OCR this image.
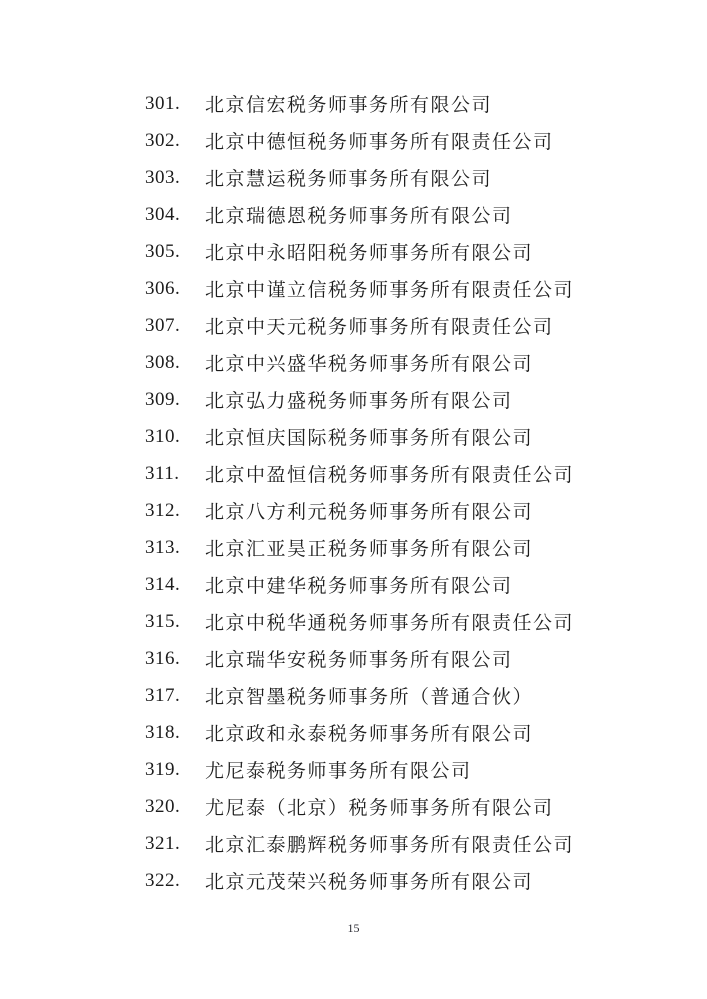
301.	北京信宏税务师事务所有限公司
302.	北京中德恒税务师事务所有限责任公司
303.	北京慧运税务师事务所有限公司
304.	北京瑞德恩税务师事务所有限公司
305.	北京中永昭阳税务师事务所有限公司
306.	北京中谨立信税务师事务所有限责任公司
307.	北京中天元税务师事务所有限责任公司
308.	北京中兴盛华税务师事务所有限公司
309.	北京弘力盛税务师事务所有限公司
310.	北京恒庆国际税务师事务所有限公司
311.	北京中盈恒信税务师事务所有限责任公司
312.	北京八方利元税务师事务所有限公司
313.	北京汇亚昊正税务师事务所有限公司
314.	北京中建华税务师事务所有限公司
315.	北京中税华通税务师事务所有限责任公司
316.	北京瑞华安税务师事务所有限公司
317.	北京智墨税务师事务所（普通合伙）
318.	北京政和永泰税务师事务所有限公司
319.	尤尼泰税务师事务所有限公司
320.	尤尼泰（北京）税务师事务所有限公司
321.	北京汇泰鹏辉税务师事务所有限责任公司
322.	北京元茂荣兴税务师事务所有限公司
15
